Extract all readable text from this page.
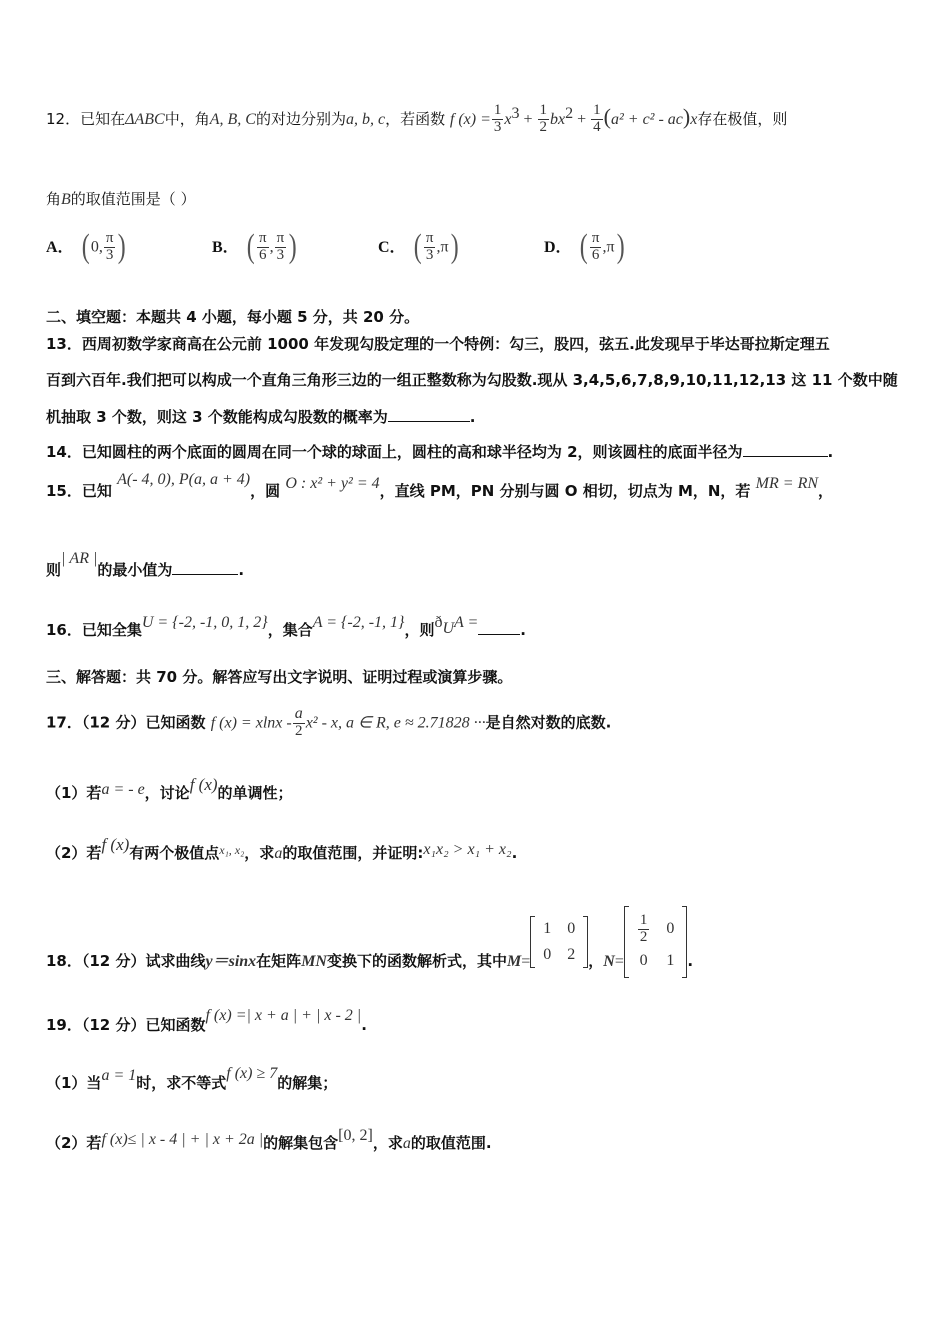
12．已知在ΔABC中，角A, B, C的对边分别为a, b, c，若函数 f $(x) = \frac{1}{3} x^3 + \frac{1}{2} bx^2 + \frac{1}{4} (a^2 + c^2 - ac)x$存在极值，则
角B的取值范围是（ ）
A． ( 0, $\frac{\pi}{3}$ )	B． ( $\frac{\pi}{6}$ , $\frac{\pi}{3}$ )	C． ( $\frac{\pi}{3} ,\pi$)	D． ( $\frac{\pi}{6} ,\pi$)
二、填空题：本题共 4 小题，每小题 5 分，共 20 分。
13．西周初数学家商高在公元前 1000 年发现勾股定理的一个特例：勾三，股四，弦五.此发现早于毕达哥拉斯定理五
百到六百年.我们把可以构成一个直角三角形三边的一组正整数称为勾股数.现从 3,4,5,6,7,8,9,10,11,12,13 这 11 个数中随
机抽取 3 个数，则这 3 个数能构成勾股数的概率为	.
14．已知圆柱的两个底面的圆周在同一个球的球面上，圆柱的高和球半径均为 2，则该圆柱的底面半径为	.
15．已知 A(- 4, 0), P(a, a + 4)，圆 O : x² + y² = 4，直线 PM，PN 分别与圆 O 相切，切点为 M，N，若 MR = RN，
则| AR |的最小值为	.
16．已知全集U = {-2, -1, 0, 1, 2}，集合A = {-2, -1, 1}，则$ð_UA$ =	.
三、解答题：共 70 分。解答应写出文字说明、证明过程或演算步骤。
17．（12 分）已知函数 f $(x) = xlnx - \frac{a}{2} x^2 - x$, a ∈ R, e ≈ 2.71828 ···是自然对数的底数.
（1）若a = - e，讨论f (x)的单调性；
（2）若f (x)有两个极值点$^{x_1, x_2}$，求a的取值范围，并证明:x₁x₂ > x₁ + x₂.
18．（12 分）试求曲线y＝sinx在矩阵MN变换下的函数解析式，其中M=
1	0
0	2 ，N=
$\frac{1}{2}$	0
0	1 .
19．（12 分）已知函数f (x) =| x + a | + | x - 2 |.
（1）当a = 1时，求不等式f (x) ≥ 7的解集；
（2）若f (x)≤ | x - 4 | + | x + 2a |的解集包含[0, 2]，求a的取值范围.
